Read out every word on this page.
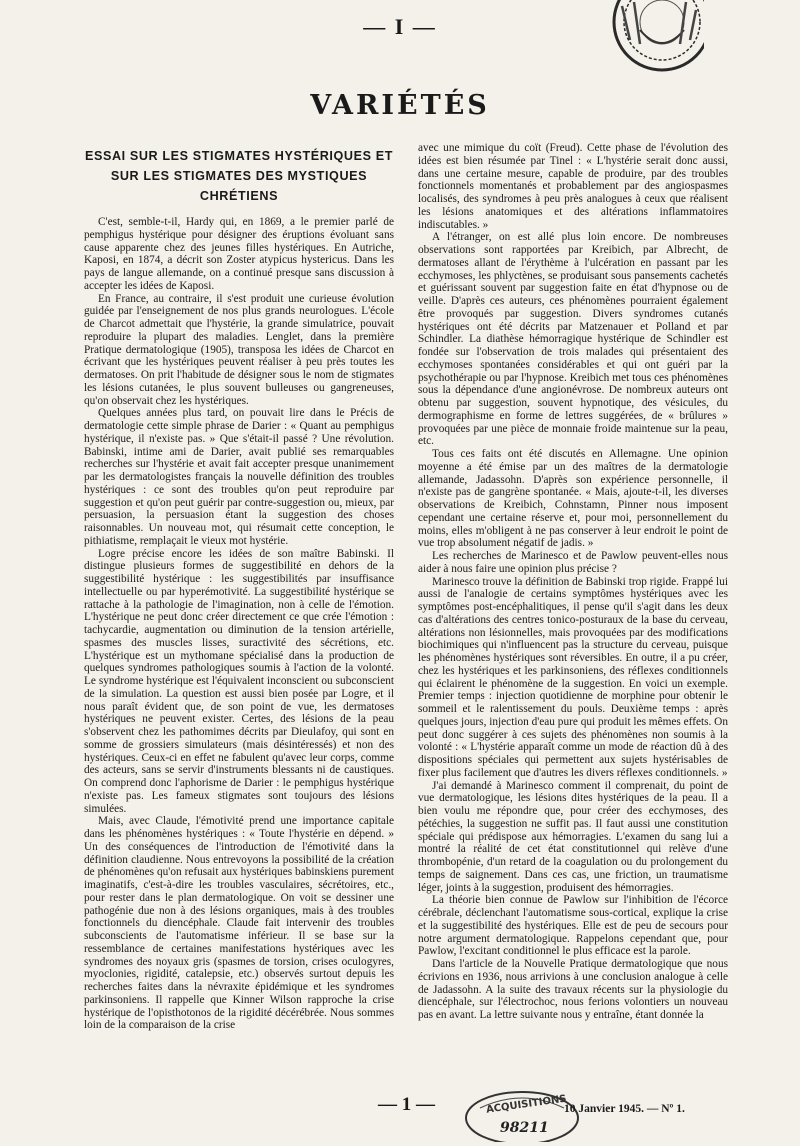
— I —
VARIÉTÉS
ESSAI SUR LES STIGMATES HYSTÉRIQUES ET SUR LES STIGMATES DES MYSTIQUES CHRÉTIENS

C'est, semble-t-il, Hardy qui, en 1869, a le premier parlé de pemphigus hystérique pour désigner des éruptions évoluant sans cause apparente chez des jeunes filles hystériques. En Autriche, Kaposi, en 1874, a décrit son Zoster atypicus hystericus. Dans les pays de langue allemande, on a continué presque sans discussion à accepter les idées de Kaposi.

En France, au contraire, il s'est produit une curieuse évolution guidée par l'enseignement de nos plus grands neurologues. L'école de Charcot admettait que l'hystérie, la grande simulatrice, pouvait reproduire la plupart des maladies. Lenglet, dans la première Pratique dermatologique (1905), transposa les idées de Charcot en écrivant que les hystériques peuvent réaliser à peu près toutes les dermatoses. On prit l'habitude de désigner sous le nom de stigmates les lésions cutanées, le plus souvent bulleuses ou gangreneuses, qu'on observait chez les hystériques.

Quelques années plus tard, on pouvait lire dans le Précis de dermatologie cette simple phrase de Darier : « Quant au pemphigus hystérique, il n'existe pas. » Que s'était-il passé ? Une révolution. Babinski, intime ami de Darier, avait publié ses remarquables recherches sur l'hystérie et avait fait accepter presque unanimement par les dermatologistes français la nouvelle définition des troubles hystériques : ce sont des troubles qu'on peut reproduire par suggestion et qu'on peut guérir par contre-suggestion ou, mieux, par persuasion, la persuasion étant la suggestion des choses raisonnables. Un nouveau mot, qui résumait cette conception, le pithiatisme, remplaçait le vieux mot hystérie.

Logre précise encore les idées de son maître Babinski. Il distingue plusieurs formes de suggestibilité en dehors de la suggestibilité hystérique : les suggestibilités par insuffisance intellectuelle ou par hyperémotivité. La suggestibilité hystérique se rattache à la pathologie de l'imagination, non à celle de l'émotion. L'hystérique ne peut donc créer directement ce que crée l'émotion : tachycardie, augmentation ou diminution de la tension artérielle, spasmes des muscles lisses, suractivité des sécrétions, etc. L'hystérique est un mythomane spécialisé dans la production de quelques syndromes pathologiques soumis à l'action de la volonté. Le syndrome hystérique est l'équivalent inconscient ou subconscient de la simulation. La question est aussi bien posée par Logre, et il nous paraît évident que, de son point de vue, les dermatoses hystériques ne peuvent exister. Certes, des lésions de la peau s'observent chez les pathomimes décrits par Dieulafoy, qui sont en somme de grossiers simulateurs (mais désintéressés) et non des hystériques. Ceux-ci en effet ne fabulent qu'avec leur corps, comme des acteurs, sans se servir d'instruments blessants ni de caustiques. On comprend donc l'aphorisme de Darier : le pemphigus hystérique n'existe pas. Les fameux stigmates sont toujours des lésions simulées.

Mais, avec Claude, l'émotivité prend une importance capitale dans les phénomènes hystériques : « Toute l'hystérie en dépend. » Un des conséquences de l'introduction de l'émotivité dans la définition claudienne. Nous entrevoyons la possibilité de la création de phénomènes qu'on refusait aux hystériques babinskiens purement imaginatifs, c'est-à-dire les troubles vasculaires, sécrétoires, etc., pour rester dans le plan dermatologique. On voit se dessiner une pathogénie due non à des lésions organiques, mais à des troubles fonctionnels du diencéphale. Claude fait intervenir des troubles subconscients de l'automatisme inférieur. Il se base sur la ressemblance de certaines manifestations hystériques avec les syndromes des noyaux gris (spasmes de torsion, crises oculogyres, myoclonies, rigidité, catalepsie, etc.) observés surtout depuis les recherches faites dans la névraxite épidémique et les syndromes parkinsoniens. Il rappelle que Kinner Wilson rapproche la crise hystérique de l'opisthotonos de la rigidité décérébrée. Nous sommes loin de la comparaison de la crise

avec une mimique du coït (Freud). Cette phase de l'évolution des idées est bien résumée par Tinel : « L'hystérie serait donc aussi, dans une certaine mesure, capable de produire, par des troubles fonctionnels momentanés et probablement par des angiospasmes localisés, des syndromes à peu près analogues à ceux que réalisent les lésions anatomiques et des altérations inflammatoires indiscutables. »

A l'étranger, on est allé plus loin encore. De nombreuses observations sont rapportées par Kreibich, par Albrecht, de dermatoses allant de l'érythème à l'ulcération en passant par les ecchymoses, les phlyctènes, se produisant sous pansements cachetés et guérissant souvent par suggestion faite en état d'hypnose ou de veille. D'après ces auteurs, ces phénomènes pourraient également être provoqués par suggestion. Divers syndromes cutanés hystériques ont été décrits par Matzenauer et Polland et par Schindler. La diathèse hémorragique hystérique de Schindler est fondée sur l'observation de trois malades qui présentaient des ecchymoses spontanées considérables et qui ont guéri par la psychothérapie ou par l'hypnose. Kreibich met tous ces phénomènes sous la dépendance d'une angionévrose. De nombreux auteurs ont obtenu par suggestion, souvent hypnotique, des vésicules, du dermographisme en forme de lettres suggérées, de « brûlures » provoquées par une pièce de monnaie froide maintenue sur la peau, etc.

Tous ces faits ont été discutés en Allemagne. Une opinion moyenne a été émise par un des maîtres de la dermatologie allemande, Jadassohn. D'après son expérience personnelle, il n'existe pas de gangrène spontanée. « Mais, ajoute-t-il, les diverses observations de Kreibich, Cohnstamn, Pinner nous imposent cependant une certaine réserve et, pour moi, personnellement du moins, elles m'obligent à ne pas conserver à leur endroit le point de vue trop absolument négatif de jadis. »

Les recherches de Marinesco et de Pawlow peuvent-elles nous aider à nous faire une opinion plus précise ?

Marinesco trouve la définition de Babinski trop rigide. Frappé lui aussi de l'analogie de certains symptômes hystériques avec les symptômes post-encéphalitiques, il pense qu'il s'agit dans les deux cas d'altérations des centres tonico-posturaux de la base du cerveau, altérations non lésionnelles, mais provoquées par des modifications biochimiques qui n'influencent pas la structure du cerveau, puisque les phénomènes hystériques sont réversibles. En outre, il a pu créer, chez les hystériques et les parkinsoniens, des réflexes conditionnels qui éclairent le phénomène de la suggestion. En voici un exemple. Premier temps : injection quotidienne de morphine pour obtenir le sommeil et le ralentissement du pouls. Deuxième temps : après quelques jours, injection d'eau pure qui produit les mêmes effets. On peut donc suggérer à ces sujets des phénomènes non soumis à la volonté : « L'hystérie apparaît comme un mode de réaction dû à des dispositions spéciales qui permettent aux sujets hystérisables de fixer plus facilement que d'autres les divers réflexes conditionnels. »

J'ai demandé à Marinesco comment il comprenait, du point de vue dermatologique, les lésions dites hystériques de la peau. Il a bien voulu me répondre que, pour créer des ecchymoses, des pétéchies, la suggestion ne suffit pas. Il faut aussi une constitution spéciale qui prédispose aux hémorragies. L'examen du sang lui a montré la réalité de cet état constitutionnel qui relève d'une thrombopénie, d'un retard de la coagulation ou du prolongement du temps de saignement. Dans ces cas, une friction, un traumatisme léger, joints à la suggestion, produisent des hémorragies.

La théorie bien connue de Pawlow sur l'inhibition de l'écorce cérébrale, déclenchant l'automatisme sous-cortical, explique la crise et la suggestibilité des hystériques. Elle est de peu de secours pour notre argument dermatologique. Rappelons cependant que, pour Pawlow, l'excitant conditionnel le plus efficace est la parole.

Dans l'article de la Nouvelle Pratique dermatologique que nous écrivions en 1936, nous arrivions à une conclusion analogue à celle de Jadassohn. A la suite des travaux récents sur la physiologie du diencéphale, sur l'électrochoc, nous ferions volontiers un nouveau pas en avant. La lettre suivante nous y entraîne, étant donnée la

— 1 —	ACQUISITIONS
98211
10 Janvier 1945. — Nº 1.
